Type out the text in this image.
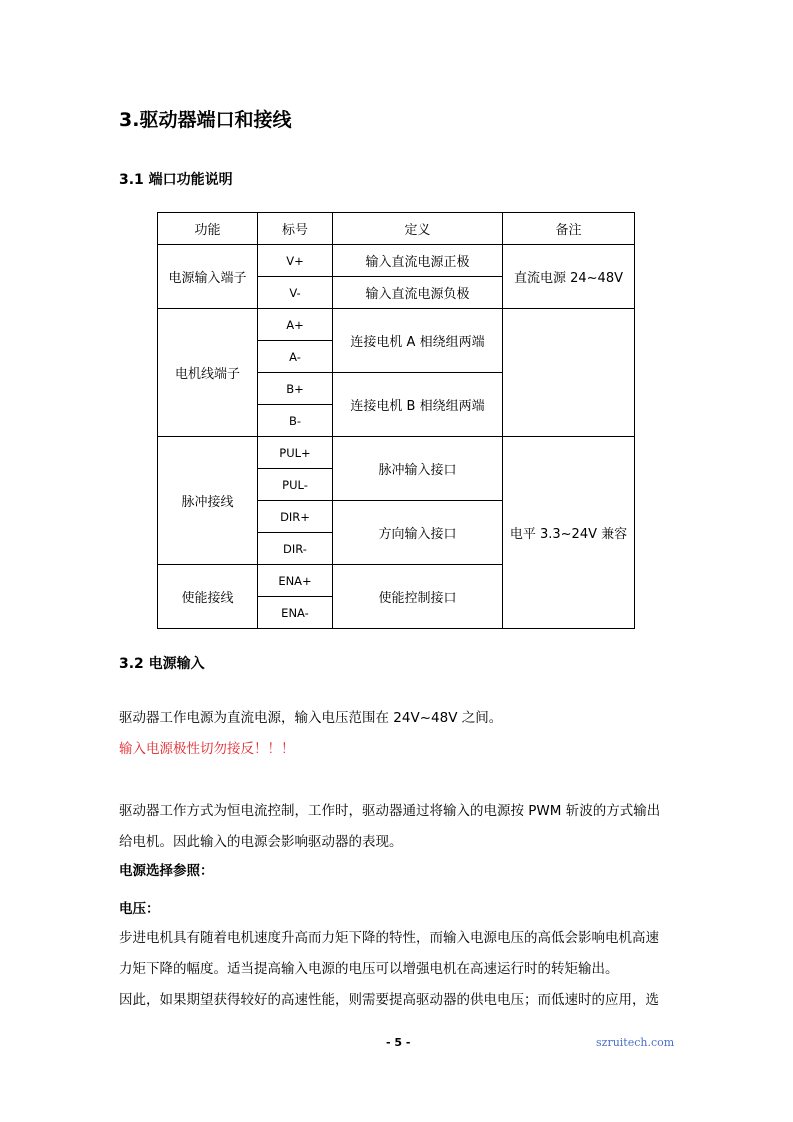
3.驱动器端口和接线
3.1 端口功能说明
功能	标号	定义	备注
电源输入端子	V+	输入直流电源正极	直流电源 24~48V
	V-	输入直流电源负极	
电机线端子	A+	连接电机 A 相绕组两端	
	A-		
	B+	连接电机 B 相绕组两端	
	B-		
脉冲接线	PUL+	脉冲输入接口	电平 3.3~24V 兼容
	PUL-		
	DIR+	方向输入接口	
	DIR-		
使能接线	ENA+	使能控制接口	
	ENA-		
3.2 电源输入
驱动器工作电源为直流电源，输入电压范围在 24V~48V 之间。
输入电源极性切勿接反！！！
驱动器工作方式为恒电流控制，工作时，驱动器通过将输入的电源按 PWM 斩波的方式输出
给电机。因此输入的电源会影响驱动器的表现。
电源选择参照：
电压：
步进电机具有随着电机速度升高而力矩下降的特性，而输入电源电压的高低会影响电机高速
力矩下降的幅度。适当提高输入电源的电压可以增强电机在高速运行时的转矩输出。
因此，如果期望获得较好的高速性能，则需要提高驱动器的供电电压；而低速时的应用，选
- 5 -	szruitech.com
